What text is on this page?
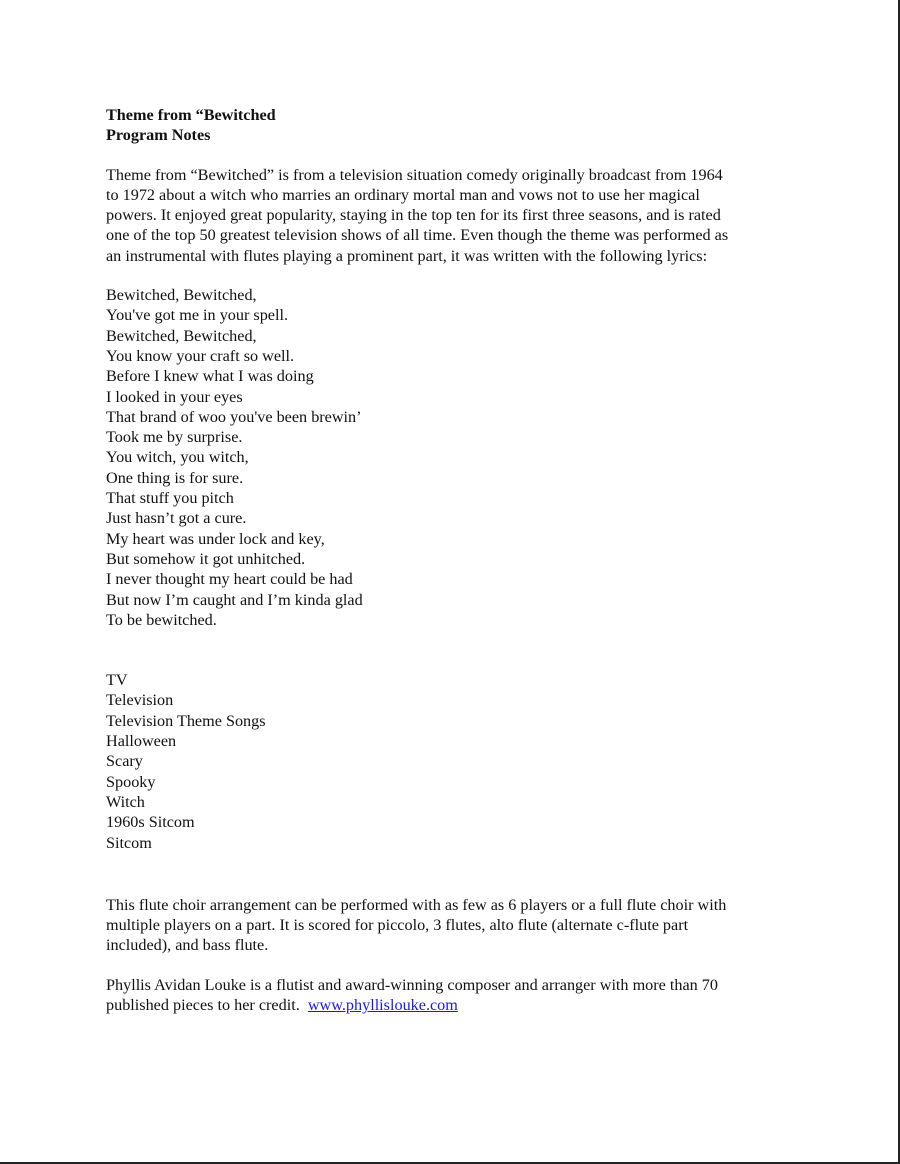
Theme from “Bewitched

Program Notes

Theme from “Bewitched” is from a television situation comedy originally broadcast from 1964

to 1972 about a witch who marries an ordinary mortal man and vows not to use her magical

powers. It enjoyed great popularity, staying in the top ten for its first three seasons, and is rated

one of the top 50 greatest television shows of all time. Even though the theme was performed as

an instrumental with flutes playing a prominent part, it was written with the following lyrics:

Bewitched, Bewitched,

You've got me in your spell.

Bewitched, Bewitched,

You know your craft so well.

Before I knew what I was doing

I looked in your eyes

That brand of woo you've been brewin’

Took me by surprise.

You witch, you witch,

One thing is for sure.

That stuff you pitch

Just hasn’t got a cure.

My heart was under lock and key,

But somehow it got unhitched.

I never thought my heart could be had

But now I’m caught and I’m kinda glad

To be bewitched.

TV

Television

Television Theme Songs

Halloween

Scary

Spooky

Witch

1960s Sitcom

Sitcom

This flute choir arrangement can be performed with as few as 6 players or a full flute choir with

multiple players on a part. It is scored for piccolo, 3 flutes, alto flute (alternate c-flute part

included), and bass flute.

Phyllis Avidan Louke is a flutist and award-winning composer and arranger with more than 70

published pieces to her credit.  www.phyllislouke.com
